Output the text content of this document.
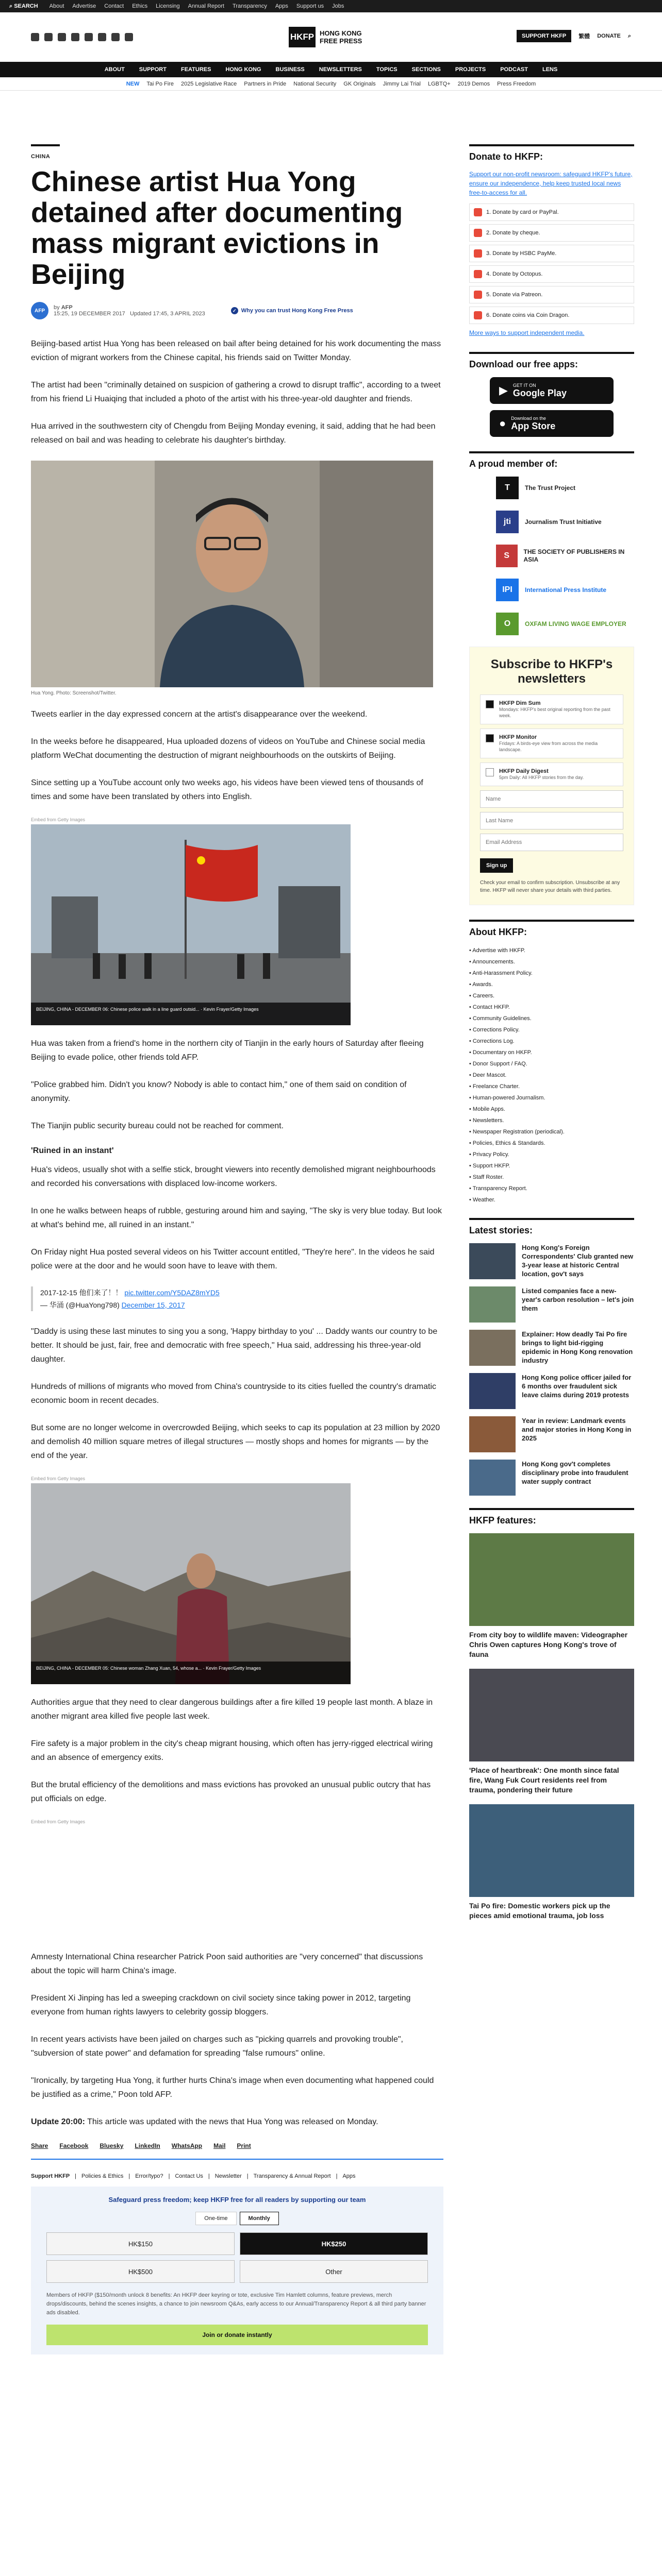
⌕ SEARCH About Advertise Contact Ethics Licensing Annual Report Transparency Apps Support us Jobs
HKFP HONG KONG FREE PRESS
SUPPORT HKFP	繁體 DONATE ⌕
ABOUT	SUPPORT	FEATURES	HONG KONG	BUSINESS	NEWSLETTERS	TOPICS	SECTIONS	PROJECTS	PODCAST	LENS
NEW Tai Po Fire 2025 Legislative Race Partners in Pride National Security GK Originals Jimmy Lai Trial LGBTQ+ 2019 Demos Press Freedom
CHINA
Chinese artist Hua Yong detained after documenting mass migrant evictions in Beijing
AFP	by AFP
15:25, 19 DECEMBER 2017 Updated 17:45, 3 APRIL 2023
✓ Why you can trust Hong Kong Free Press

Beijing-based artist Hua Yong has been released on bail after being detained for his work documenting the mass eviction of migrant workers from the Chinese capital, his friends said on Twitter Monday.

The artist had been "criminally detained on suspicion of gathering a crowd to disrupt traffic", according to a tweet from his friend Li Huaiqing that included a photo of the artist with his three-year-old daughter and friends.

Hua arrived in the southwestern city of Chengdu from Beijing Monday evening, it said, adding that he had been released on bail and was heading to celebrate his daughter's birthday.

Hua Yong. Photo: Screenshot/Twitter.

Tweets earlier in the day expressed concern at the artist's disappearance over the weekend.

In the weeks before he disappeared, Hua uploaded dozens of videos on YouTube and Chinese social media platform WeChat documenting the destruction of migrant neighbourhoods on the outskirts of Beijing.

Since setting up a YouTube account only two weeks ago, his videos have been viewed tens of thousands of times and some have been translated by others into English.

Embed from Getty Images
BEIJING, CHINA - DECEMBER 06: Chinese police walk in a line guard outsid... · Kevin Frayer/Getty Images

Hua was taken from a friend's home in the northern city of Tianjin in the early hours of Saturday after fleeing Beijing to evade police, other friends told AFP.

"Police grabbed him. Didn't you know? Nobody is able to contact him," one of them said on condition of anonymity.

The Tianjin public security bureau could not be reached for comment.

'Ruined in an instant'

Hua's videos, usually shot with a selfie stick, brought viewers into recently demolished migrant neighbourhoods and recorded his conversations with displaced low-income workers.

In one he walks between heaps of rubble, gesturing around him and saying, "The sky is very blue today. But look at what's behind me, all ruined in an instant."

On Friday night Hua posted several videos on his Twitter account entitled, "They're here". In the videos he said police were at the door and he would soon have to leave with them.

2017-12-15 他们来了！！ pic.twitter.com/Y5DAZ8mYD5
— 华涌 (@HuaYong798) December 15, 2017

"Daddy is using these last minutes to sing you a song, 'Happy birthday to you' ... Daddy wants our country to be better. It should be just, fair, free and democratic with free speech," Hua said, addressing his three-year-old daughter.

Hundreds of millions of migrants who moved from China's countryside to its cities fuelled the country's dramatic economic boom in recent decades.

But some are no longer welcome in overcrowded Beijing, which seeks to cap its population at 23 million by 2020 and demolish 40 million square metres of illegal structures — mostly shops and homes for migrants — by the end of the year.

Embed from Getty Images
BEIJING, CHINA - DECEMBER 05: Chinese woman Zhang Xuan, 54, whose a... · Kevin Frayer/Getty Images

Authorities argue that they need to clear dangerous buildings after a fire killed 19 people last month. A blaze in another migrant area killed five people last week.

Fire safety is a major problem in the city's cheap migrant housing, which often has jerry-rigged electrical wiring and an absence of emergency exits.

But the brutal efficiency of the demolitions and mass evictions has provoked an unusual public outcry that has put officials on edge.

Embed from Getty Images

Amnesty International China researcher Patrick Poon said authorities are "very concerned" that discussions about the topic will harm China's image.

President Xi Jinping has led a sweeping crackdown on civil society since taking power in 2012, targeting everyone from human rights lawyers to celebrity gossip bloggers.

In recent years activists have been jailed on charges such as "picking quarrels and provoking trouble", "subversion of state power" and defamation for spreading "false rumours" online.

"Ironically, by targeting Hua Yong, it further hurts China's image when even documenting what happened could be justified as a crime," Poon told AFP.

Update 20:00: This article was updated with the news that Hua Yong was released on Monday.

Share Facebook Bluesky LinkedIn WhatsApp Mail Print
Support HKFP | Policies & Ethics | Error/typo? | Contact Us | Newsletter | Transparency & Annual Report | Apps
Safeguard press freedom; keep HKFP free for all readers by supporting our team
One-time	Monthly
HK$150	HK$250
HK$500	Other
Members of HKFP ($150/month unlock 8 benefits: An HKFP deer keyring or tote, exclusive Tim Hamlett columns, feature previews, merch drops/discounts, behind the scenes insights, a chance to join newsroom Q&As, early access to our Annual/Transparency Report & all third party banner ads disabled.
Join or donate instantly
Donate to HKFP:

Support our non-profit newsroom: safeguard HKFP's future, ensure our independence, help keep trusted local news free-to-access for all.

1. Donate by card or PayPal.
2. Donate by cheque.
3. Donate by HSBC PayMe.
4. Donate by Octopus.
5. Donate via Patreon.
6. Donate coins via Coin Dragon.

More ways to support independent media.

Download our free apps:
▶ GET IT ON
Google Play
● Download on the
App Store
A proud member of:
T	The Trust Project
jti	Journalism Trust Initiative
S	THE SOCIETY OF PUBLISHERS IN ASIA
IPI	International Press Institute
O	OXFAM LIVING WAGE EMPLOYER
Subscribe to HKFP's newsletters
HKFP Dim Sum
Mondays: HKFP's best original reporting from the past week.
HKFP Monitor
Fridays: A birds-eye view from across the media landscape.
HKFP Daily Digest
5pm Daily: All HKFP stories from the day.
Name
Last Name
Email Address Sign up
Check your email to confirm subscription. Unsubscribe at any time. HKFP will never share your details with third parties.
About HKFP:
• Advertise with HKFP.
• Announcements.
• Anti-Harassment Policy.
• Awards.
• Careers.
• Contact HKFP.
• Community Guidelines.
• Corrections Policy.
• Corrections Log.
• Documentary on HKFP.
• Donor Support / FAQ.
• Deer Mascot.
• Freelance Charter.
• Human-powered Journalism.
• Mobile Apps.
• Newsletters.
• Newspaper Registration (periodical).
• Policies, Ethics & Standards.
• Privacy Policy.
• Support HKFP.
• Staff Roster.
• Transparency Report.
• Weather.
Latest stories:
Hong Kong's Foreign Correspondents' Club granted new 3-year lease at historic Central location, gov't says
Listed companies face a new-year's carbon resolution – let's join them
Explainer: How deadly Tai Po fire brings to light bid-rigging epidemic in Hong Kong renovation industry
Hong Kong police officer jailed for 6 months over fraudulent sick leave claims during 2019 protests
Year in review: Landmark events and major stories in Hong Kong in 2025
Hong Kong gov't completes disciplinary probe into fraudulent water supply contract
HKFP features:
From city boy to wildlife maven: Videographer Chris Owen captures Hong Kong's trove of fauna
'Place of heartbreak': One month since fatal fire, Wang Fuk Court residents reel from trauma, pondering their future
Tai Po fire: Domestic workers pick up the pieces amid emotional trauma, job loss
